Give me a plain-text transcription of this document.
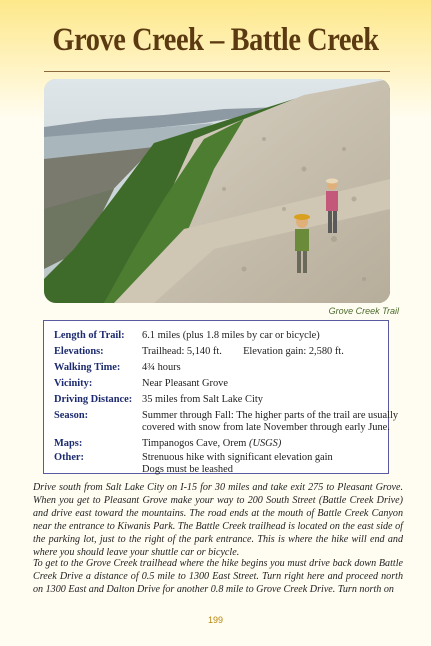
Grove Creek – Battle Creek
Grove Creek Trail
Length of Trail:	6.1 miles (plus 1.8 miles by car or bicycle)
Elevations:	Trailhead: 5,140 ft. Elevation gain: 2,580 ft.
Walking Time:	4¾ hours
Vicinity:	Near Pleasant Grove
Driving Distance: 35 miles from Salt Lake City
Season:	Summer through Fall: The higher parts of the trail are usually
covered with snow from late November through early June.
Maps:	Timpanogos Cave, Orem (USGS)
Other:	Strenuous hike with significant elevation gain
Dogs must be leashed
Drive south from Salt Lake City on I-15 for 30 miles and take exit 275 to Pleasant Grove. When you get to Pleasant Grove make your way to 200 South Street (Battle Creek Drive) and drive east toward the mountains. The road ends at the mouth of Battle Creek Canyon near the entrance to Kiwanis Park. The Battle Creek trailhead is located on the east side of the parking lot, just to the right of the park entrance. This is where the hike will end and where you should leave your shuttle car or bicycle.
To get to the Grove Creek trailhead where the hike begins you must drive back down Battle Creek Drive a distance of 0.5 mile to 1300 East Street. Turn right here and proceed north on 1300 East and Dalton Drive for another 0.8 mile to Grove Creek Drive. Turn north on
199
